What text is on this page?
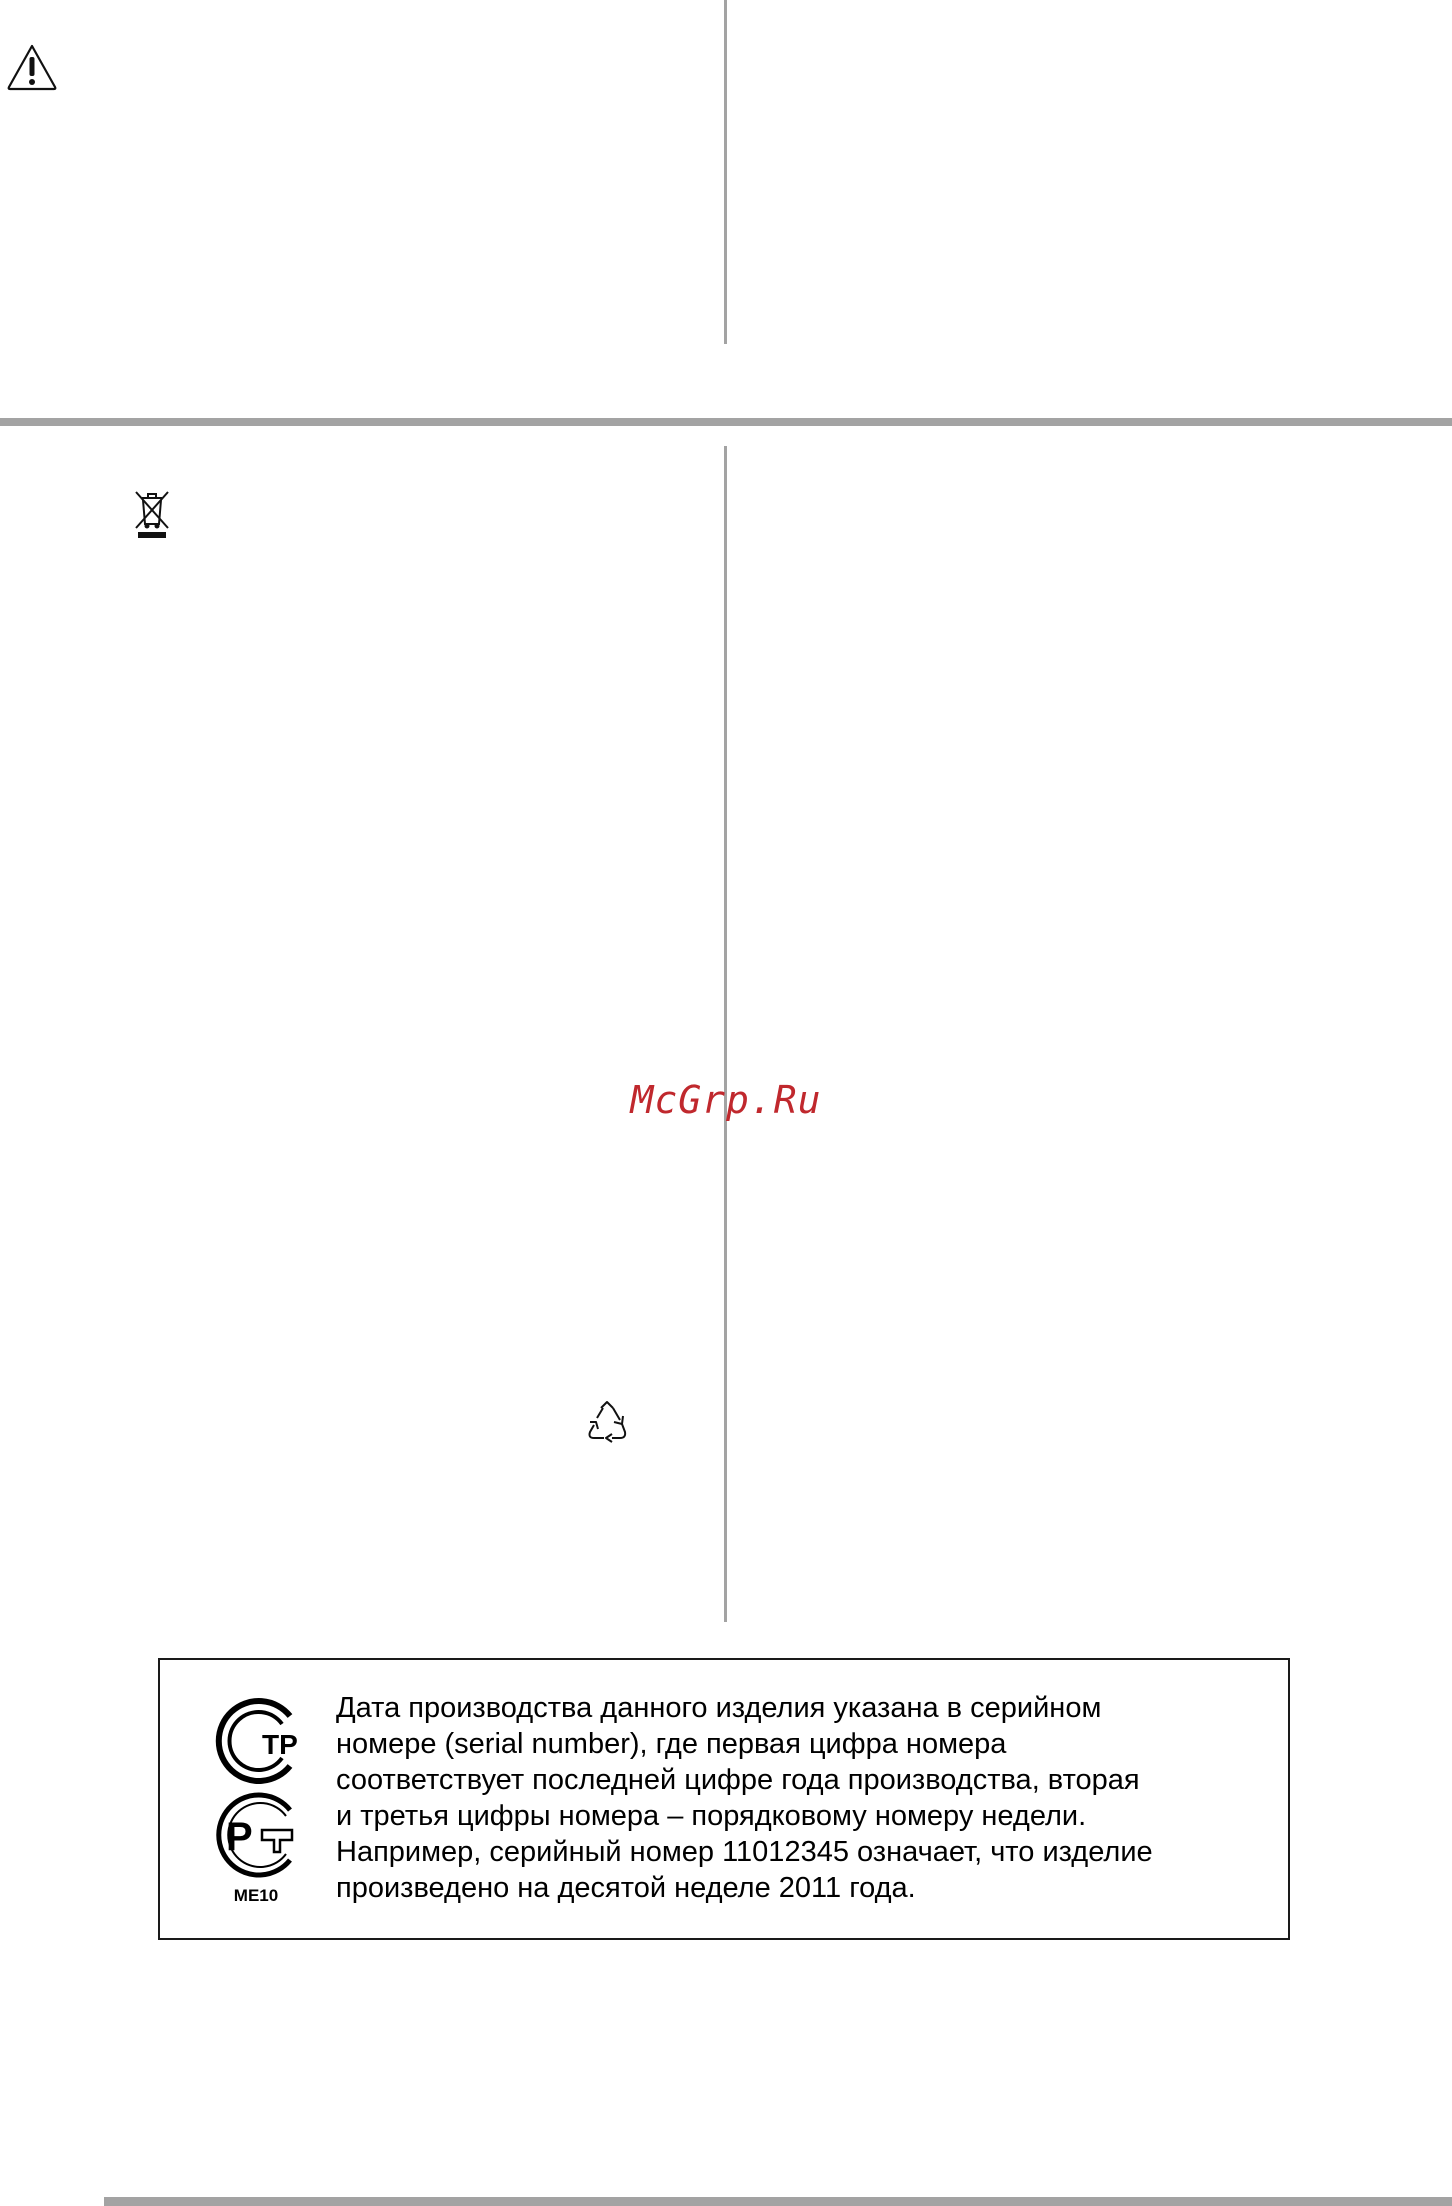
McGrp.Ru
ТР
Р
ME10

Дата производства данного изделия указана в серийном
номере (serial number), где первая цифра номера
соответствует последней цифре года производства, вторая
и третья цифры номера – порядковому номеру недели.
Например, серийный номер 11012345 означает, что изделие
произведено на десятой неделе 2011 года.
